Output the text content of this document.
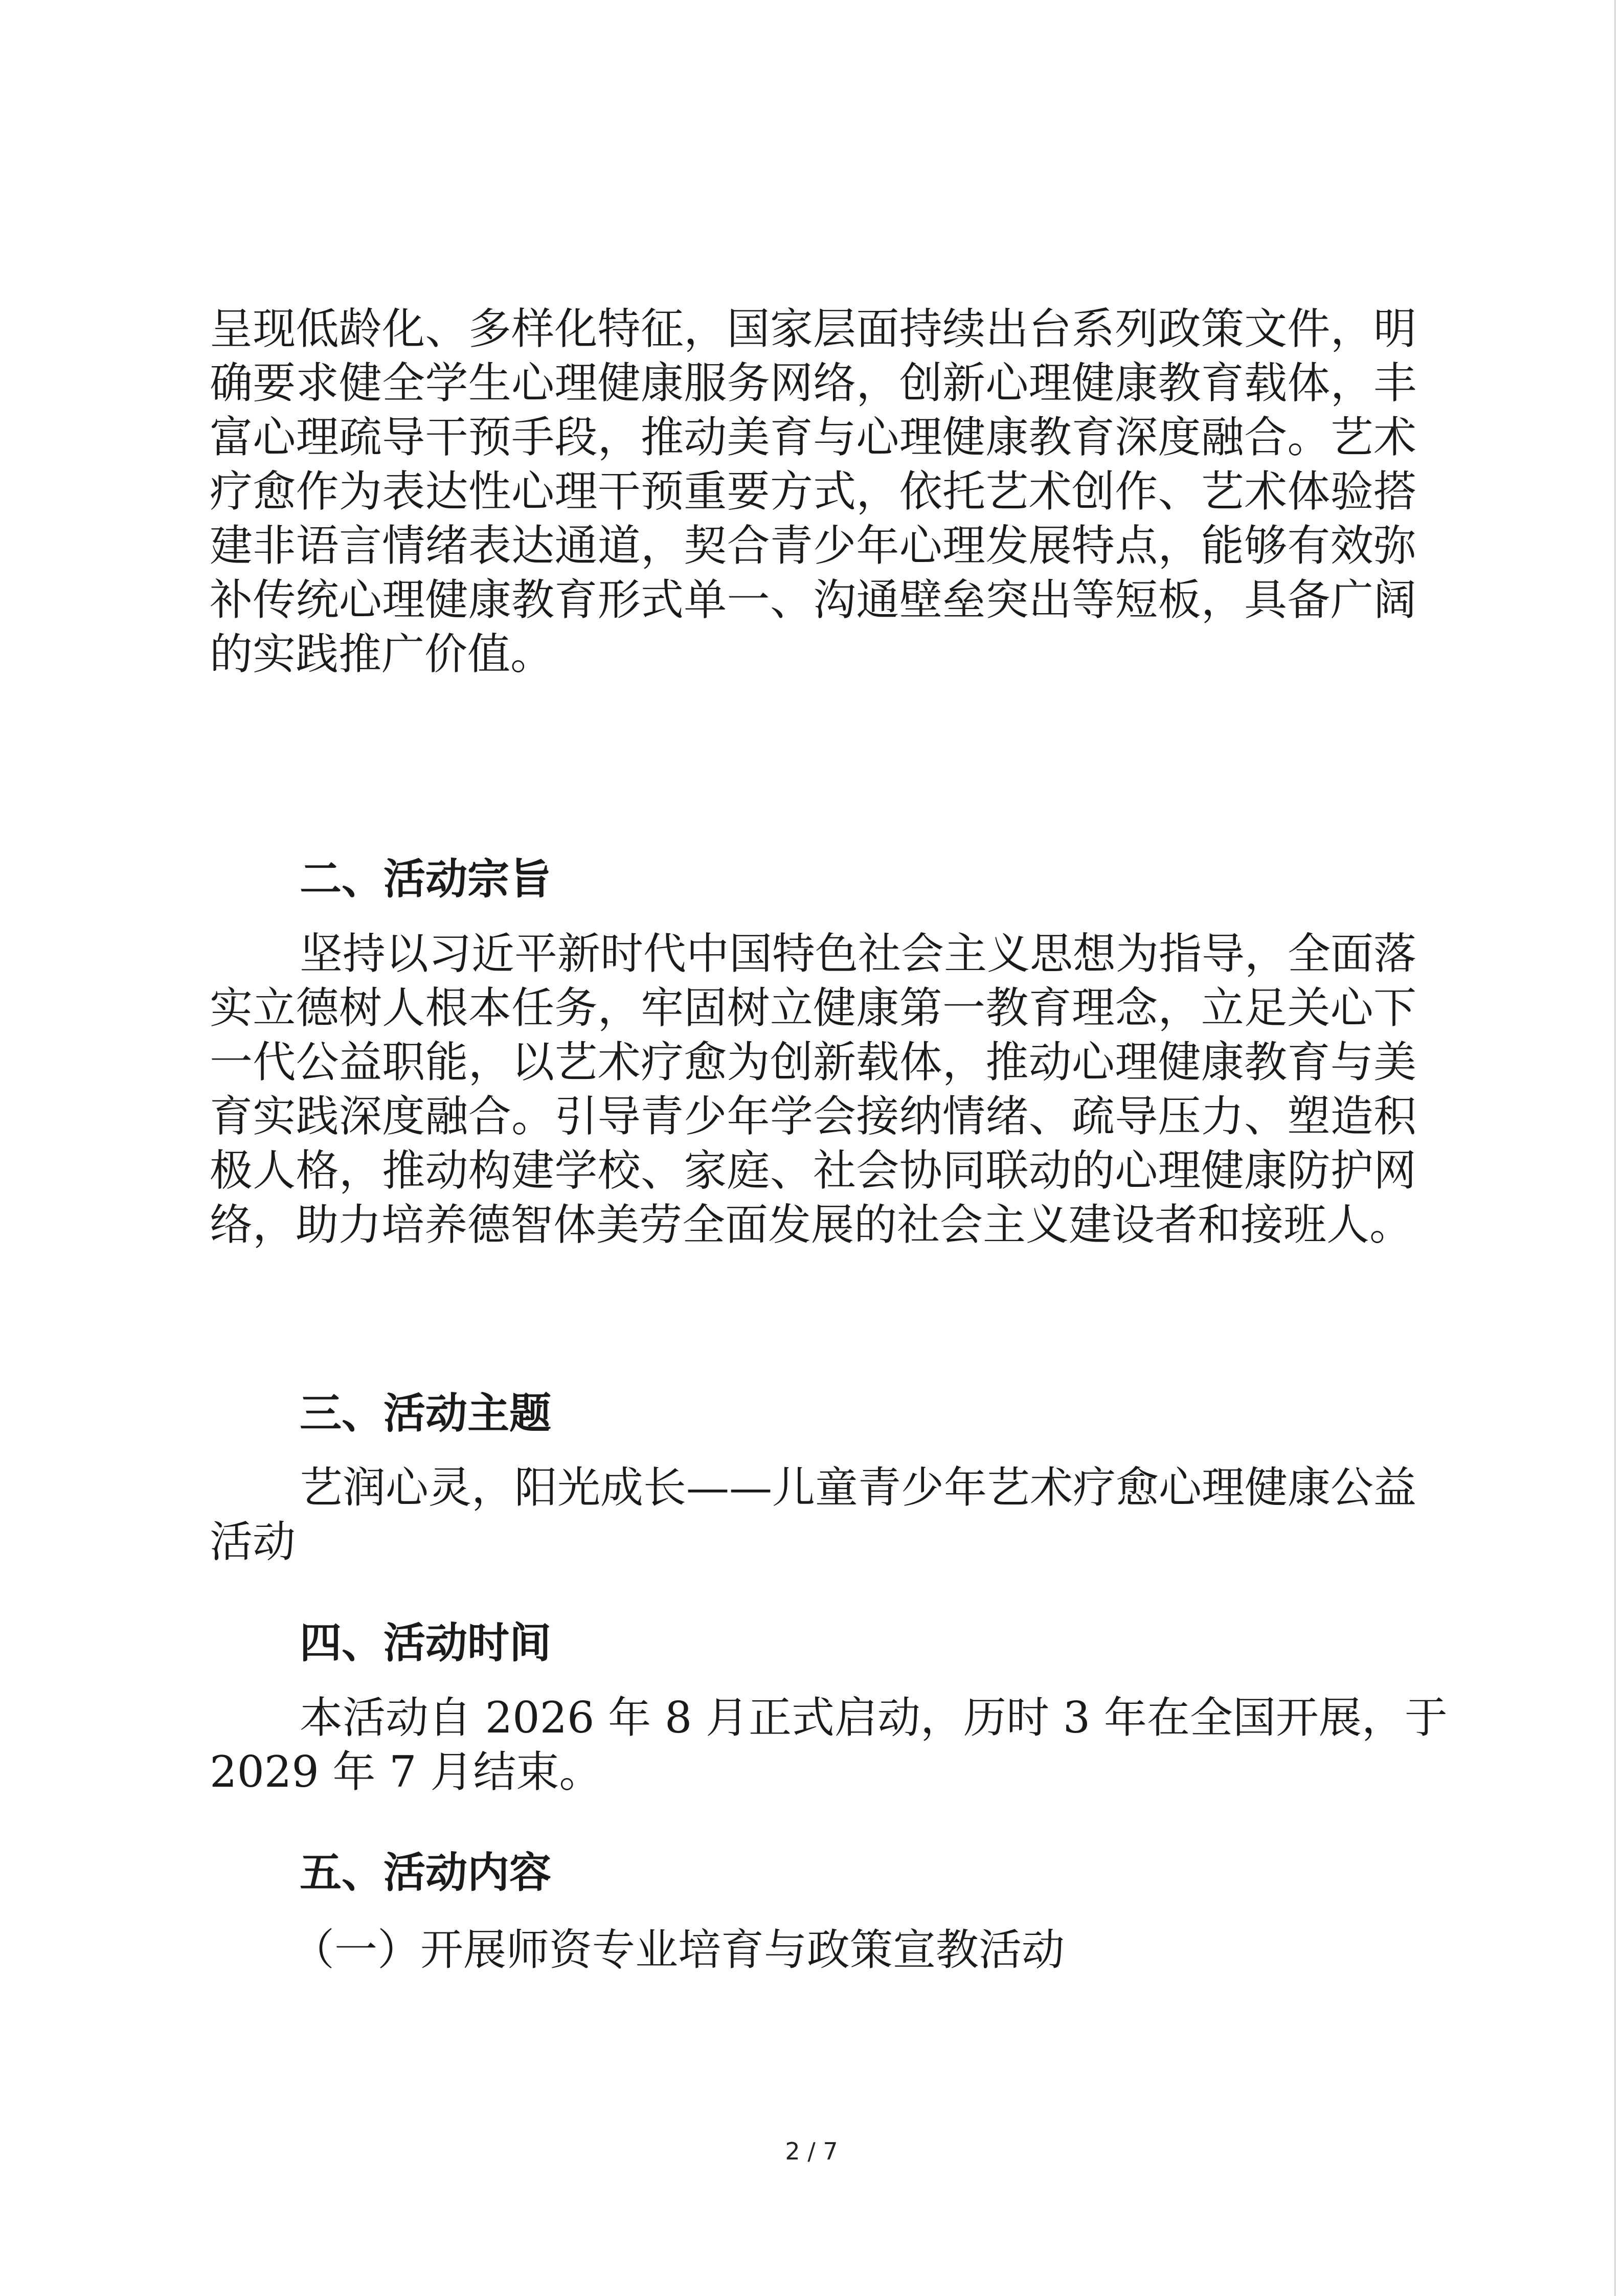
呈现低龄化、多样化特征，国家层面持续出台系列政策文件，明
确要求健全学生心理健康服务网络，创新心理健康教育载体，丰
富心理疏导干预手段，推动美育与心理健康教育深度融合。艺术
疗愈作为表达性心理干预重要方式，依托艺术创作、艺术体验搭
建非语言情绪表达通道，契合青少年心理发展特点，能够有效弥
补传统心理健康教育形式单一、沟通壁垒突出等短板，具备广阔
的实践推广价值。
二、活动宗旨
坚持以习近平新时代中国特色社会主义思想为指导，全面落
实立德树人根本任务，牢固树立健康第一教育理念，立足关心下
一代公益职能，以艺术疗愈为创新载体，推动心理健康教育与美
育实践深度融合。引导青少年学会接纳情绪、疏导压力、塑造积
极人格，推动构建学校、家庭、社会协同联动的心理健康防护网
络，助力培养德智体美劳全面发展的社会主义建设者和接班人。
三、活动主题
艺润心灵，阳光成长——儿童青少年艺术疗愈心理健康公益
活动
四、活动时间
本活动自 2026 年 8 月正式启动，历时 3 年在全国开展，于
2029 年 7 月结束。
五、活动内容
（一）开展师资专业培育与政策宣教活动
2 / 7
